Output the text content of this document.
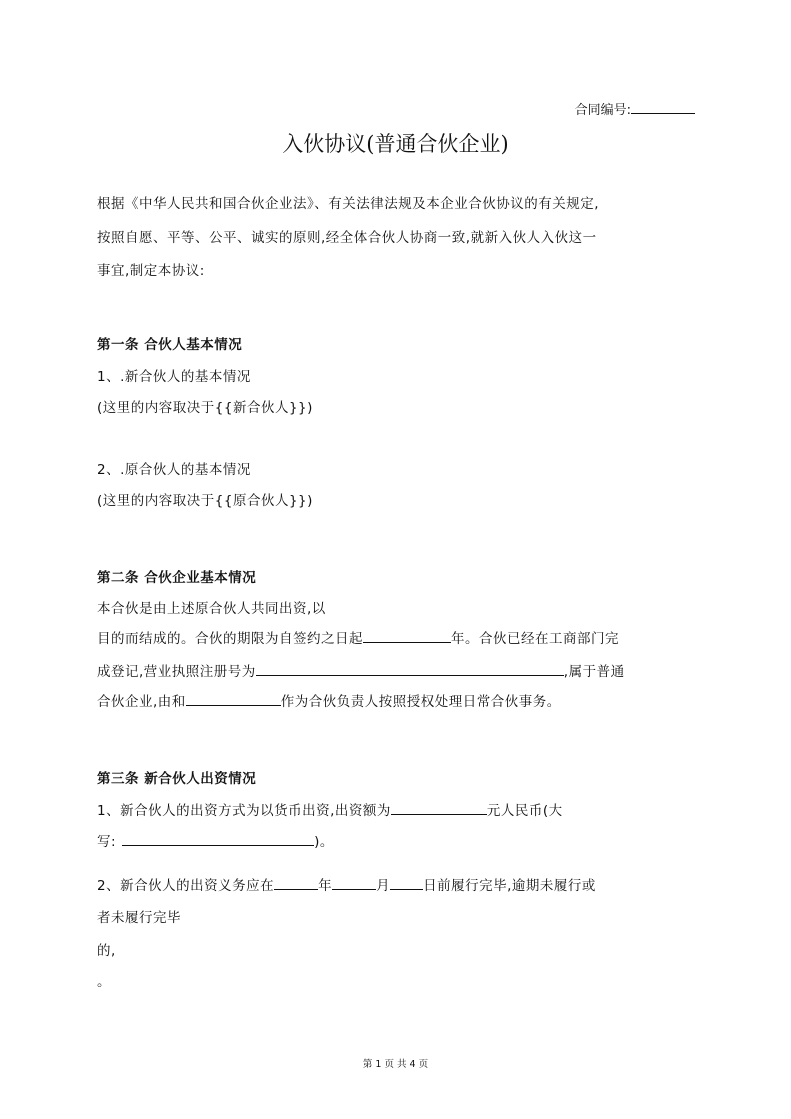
合同编号:
入伙协议(普通合伙企业)
根据《中华人民共和国合伙企业法》、有关法律法规及本企业合伙协议的有关规定,
按照自愿、平等、公平、诚实的原则,经全体合伙人协商一致,就新入伙人入伙这一
事宜,制定本协议:
第一条 合伙人基本情况
1、.新合伙人的基本情况
(这里的内容取决于{{新合伙人}})
2、.原合伙人的基本情况
(这里的内容取决于{{原合伙人}})
第二条 合伙企业基本情况
本合伙是由上述原合伙人共同出资,以
目的而结成的。合伙的期限为自签约之日起	年。合伙已经在工商部门完
成登记,营业执照注册号为	,属于普通
合伙企业,由和	作为合伙负责人按照授权处理日常合伙事务。
第三条 新合伙人出资情况
1、新合伙人的出资方式为以货币出资,出资额为	元人民币(大
写:	)。
2、新合伙人的出资义务应在	年	月 日前履行完毕,逾期未履行或
者未履行完毕
的,
。
第 1 页 共 4 页
